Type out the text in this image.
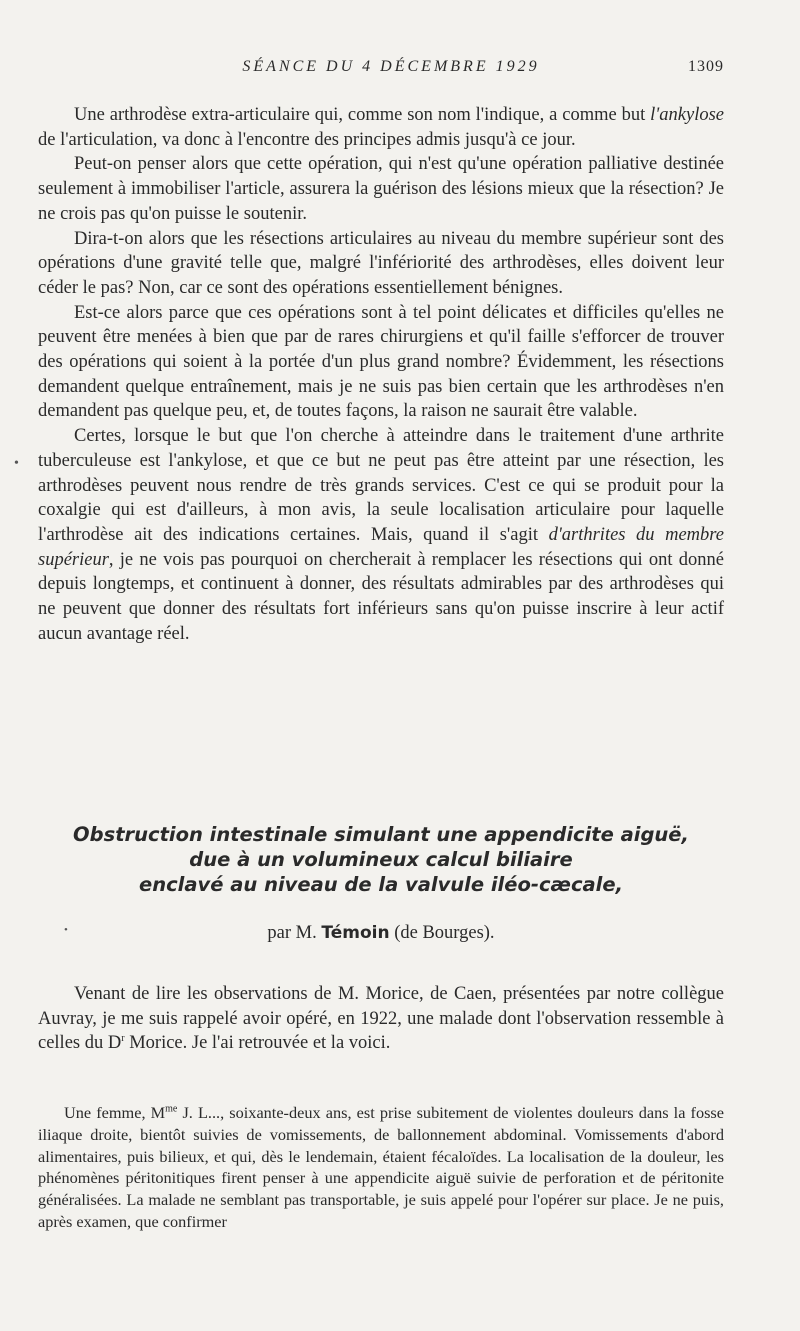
SÉANCE DU 4 DÉCEMBRE 1929	1309

Une arthrodèse extra-articulaire qui, comme son nom l'indique, a comme but l'ankylose de l'articulation, va donc à l'encontre des principes admis jusqu'à ce jour.

Peut-on penser alors que cette opération, qui n'est qu'une opération palliative destinée seulement à immobiliser l'article, assurera la guérison des lésions mieux que la résection? Je ne crois pas qu'on puisse le soutenir.

Dira-t-on alors que les résections articulaires au niveau du membre supérieur sont des opérations d'une gravité telle que, malgré l'infériorité des arthrodèses, elles doivent leur céder le pas? Non, car ce sont des opérations essentiellement bénignes.

Est-ce alors parce que ces opérations sont à tel point délicates et difficiles qu'elles ne peuvent être menées à bien que par de rares chirurgiens et qu'il faille s'efforcer de trouver des opérations qui soient à la portée d'un plus grand nombre? Évidemment, les résections demandent quelque entraînement, mais je ne suis pas bien certain que les arthrodèses n'en demandent pas quelque peu, et, de toutes façons, la raison ne saurait être valable.

Certes, lorsque le but que l'on cherche à atteindre dans le traitement d'une arthrite tuberculeuse est l'ankylose, et que ce but ne peut pas être atteint par une résection, les arthrodèses peuvent nous rendre de très grands services. C'est ce qui se produit pour la coxalgie qui est d'ailleurs, à mon avis, la seule localisation articulaire pour laquelle l'arthrodèse ait des indications certaines. Mais, quand il s'agit d'arthrites du membre supérieur, je ne vois pas pourquoi on chercherait à remplacer les résections qui ont donné depuis longtemps, et continuent à donner, des résultats admirables par des arthrodèses qui ne peuvent que donner des résultats fort inférieurs sans qu'on puisse inscrire à leur actif aucun avantage réel.

Obstruction intestinale simulant une appendicite aiguë,
due à un volumineux calcul biliaire
enclavé au niveau de la valvule iléo-cæcale,
par M. Témoin (de Bourges).

Venant de lire les observations de M. Morice, de Caen, présentées par notre collègue Auvray, je me suis rappelé avoir opéré, en 1922, une malade dont l'observation ressemble à celles du $D^r$ Morice. Je l'ai retrouvée et la voici.

Une femme, $M^{me}$ J. L..., soixante-deux ans, est prise subitement de violentes douleurs dans la fosse iliaque droite, bientôt suivies de vomissements, de ballonnement abdominal. Vomissements d'abord alimentaires, puis bilieux, et qui, dès le lendemain, étaient fécaloïdes. La localisation de la douleur, les phénomènes péritonitiques firent penser à une appendicite aiguë suivie de perforation et de péritonite généralisées. La malade ne semblant pas transportable, je suis appelé pour l'opérer sur place. Je ne puis, après examen, que confirmer

•
•
